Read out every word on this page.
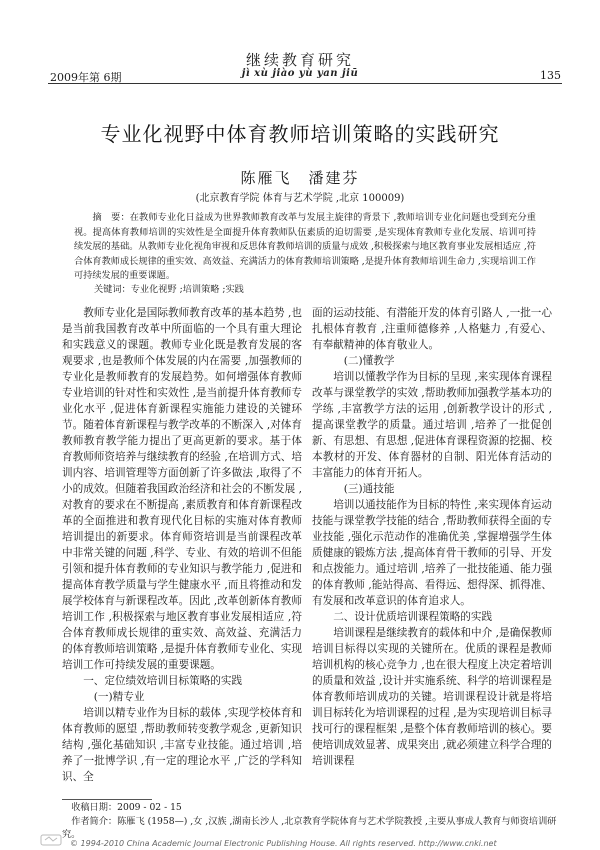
继续教育研究
jì xù jiào yù yan jiū
2009年第 6期	135
专业化视野中体育教师培训策略的实践研究
陈雁飞　潘建芬
(北京教育学院 体育与艺术学院 ,北京 100009)
摘　要：在教师专业化日益成为世界教师教育改革与发展主旋律的背景下 ,教师培训专业化问题也受到充分重视。提高体育教师培训的实效性是全面提升体育教师队伍素质的迫切需要 ,是实现体育教师专业化发展、培训可持续发展的基础。从教师专业化视角审视和反思体育教师培训的质量与成效 ,积极探索与地区教育事业发展相适应 ,符合体育教师成长规律的重实效、高效益、充满活力的体育教师培训策略 ,是提升体育教师培训生命力 ,实现培训工作可持续发展的重要课题。
关键词：专业化视野 ;培训策略 ;实践

教师专业化是国际教师教育改革的基本趋势 ,也是当前我国教育改革中所面临的一个具有重大理论和实践意义的课题。教师专业化既是教育发展的客观要求 ,也是教师个体发展的内在需要 ,加强教师的专业化是教师教育的发展趋势。如何增强体育教师专业培训的针对性和实效性 ,是当前提升体育教师专业化水平 ,促进体育新课程实施能力建设的关键环节。随着体育新课程与教学改革的不断深入 ,对体育教师教育教学能力提出了更高更新的要求。基于体育教师师资培养与继续教育的经验 ,在培训方式、培训内容、培训管理等方面创新了许多做法 ,取得了不小的成效。但随着我国政治经济和社会的不断发展 ,对教育的要求在不断提高 ,素质教育和体育新课程改革的全面推进和教育现代化目标的实施对体育教师培训提出的新要求。体育师资培训是当前课程改革中非常关键的问题 ,科学、专业、有效的培训不但能引领和提升体育教师的专业知识与教学能力 ,促进和提高体育教学质量与学生健康水平 ,而且将推动和发展学校体育与新课程改革。因此 ,改革创新体育教师培训工作 ,积极探索与地区教育事业发展相适应 ,符合体育教师成长规律的重实效、高效益、充满活力的体育教师培训策略 ,是提升体育教师专业化、实现培训工作可持续发展的重要课题。

一、定位绩效培训目标策略的实践

(一)精专业

培训以精专业作为目标的载体 ,实现学校体育和体育教师的愿望 ,帮助教师转变教学观念 ,更新知识结构 ,强化基础知识 ,丰富专业技能。通过培训 ,培养了一批博学识 ,有一定的理论水平 ,广泛的学科知识、全

面的运动技能、有潜能开发的体育引路人 ,一批一心扎根体育教育 ,注重师德修养 ,人格魅力 ,有爱心、有奉献精神的体育敬业人。

(二)懂教学

培训以懂教学作为目标的呈现 ,来实现体育课程改革与课堂教学的实效 ,帮助教师加强教学基本功的学练 ,丰富教学方法的运用 ,创新教学设计的形式 ,提高课堂教学的质量。通过培训 ,培养了一批促创新、有思想、有思想 ,促进体育课程资源的挖掘、校本教材的开发、体育器材的自制、阳光体育活动的丰富能力的体育开拓人。

(三)通技能

培训以通技能作为目标的特性 ,来实现体育运动技能与课堂教学技能的结合 ,帮助教师获得全面的专业技能 ,强化示范动作的准确优美 ,掌握增强学生体质健康的锻炼方法 ,提高体育骨干教师的引导、开发和点拨能力。通过培训 ,培养了一批技能通、能力强的体育教师 ,能站得高、看得远、想得深、抓得准、有发展和改革意识的体育追求人。

二、设计优质培训课程策略的实践

培训课程是继续教育的载体和中介 ,是确保教师培训目标得以实现的关键所在。优质的课程是教师培训机构的核心竞争力 ,也在很大程度上决定着培训的质量和效益 ,设计并实施系统、科学的培训课程是体育教师培训成功的关键。培训课程设计就是将培训目标转化为培训课程的过程 ,是为实现培训目标寻找可行的课程框架 ,是整个体育教师培训的核心。要使培训成效显著、成果突出 ,就必须建立科学合理的培训课程

收稿日期：2009 - 02 - 15

作者简介：陈雁飞 (1958—) ,女 ,汉族 ,湖南长沙人 ,北京教育学院体育与艺术学院教授 ,主要从事成人教育与师资培训研究。

© 1994-2010 China Academic Journal Electronic Publishing House. All rights reserved. http://www.cnki.net
